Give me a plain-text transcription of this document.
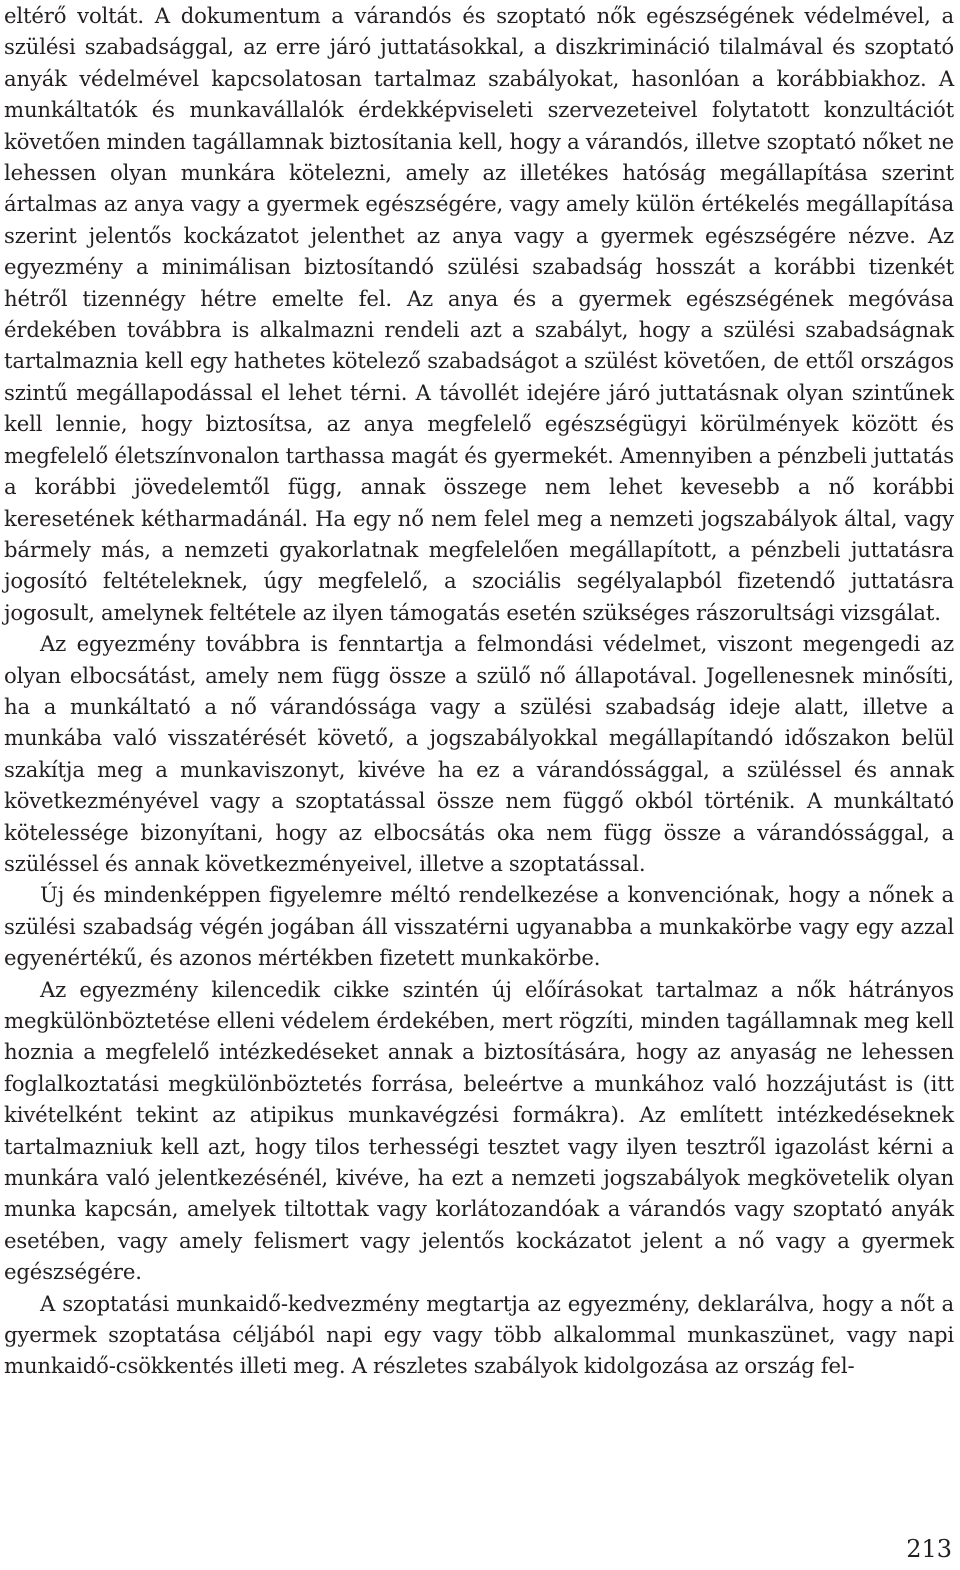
eltérő voltát. A dokumentum a várandós és szoptató nők egészségének védelmével, a szülési szabadsággal, az erre járó juttatásokkal, a diszkrimináció tilalmával és szoptató anyák védelmével kapcsolatosan tartalmaz szabályokat, hasonlóan a korábbiakhoz. A munkáltatók és munkavállalók érdekképviseleti szervezeteivel folytatott konzultációt követően minden tagállamnak biztosítania kell, hogy a várandós, illetve szoptató nőket ne lehessen olyan munkára kötelezni, amely az illetékes hatóság megállapítása szerint ártalmas az anya vagy a gyermek egészségére, vagy amely külön értékelés megállapítása szerint jelentős kockázatot jelenthet az anya vagy a gyermek egészségére nézve. Az egyezmény a minimálisan biztosítandó szülési szabadság hosszát a korábbi tizenkét hétről tizennégy hétre emelte fel. Az anya és a gyermek egészségének megóvása érdekében továbbra is alkalmazni rendeli azt a szabályt, hogy a szülési szabadságnak tartalmaznia kell egy hathetes kötelező szabadságot a szülést követően, de ettől országos szintű megállapodással el lehet térni. A távollét idejére járó juttatásnak olyan szintűnek kell lennie, hogy biztosítsa, az anya megfelelő egészségügyi körülmények között és megfelelő életszínvonalon tarthassa magát és gyermekét. Amennyiben a pénzbeli juttatás a korábbi jövedelemtől függ, annak összege nem lehet kevesebb a nő korábbi keresetének kétharmadánál. Ha egy nő nem felel meg a nemzeti jogszabályok által, vagy bármely más, a nemzeti gyakorlatnak megfelelően megállapított, a pénzbeli juttatásra jogosító feltételeknek, úgy megfelelő, a szociális segélyalapból fizetendő juttatásra jogosult, amelynek feltétele az ilyen támogatás esetén szükséges rászorultsági vizsgálat.

Az egyezmény továbbra is fenntartja a felmondási védelmet, viszont megengedi az olyan elbocsátást, amely nem függ össze a szülő nő állapotával. Jogellenesnek minősíti, ha a munkáltató a nő várandóssága vagy a szülési szabadság ideje alatt, illetve a munkába való visszatérését követő, a jogszabályokkal megállapítandó időszakon belül szakítja meg a munkaviszonyt, kivéve ha ez a várandóssággal, a szüléssel és annak következményével vagy a szoptatással össze nem függő okból történik. A munkáltató kötelessége bizonyítani, hogy az elbocsátás oka nem függ össze a várandóssággal, a szüléssel és annak következményeivel, illetve a szoptatással.

Új és mindenképpen figyelemre méltó rendelkezése a konvenciónak, hogy a nőnek a szülési szabadság végén jogában áll visszatérni ugyanabba a munkakörbe vagy egy azzal egyenértékű, és azonos mértékben fizetett munkakörbe.

Az egyezmény kilencedik cikke szintén új előírásokat tartalmaz a nők hátrányos megkülönböztetése elleni védelem érdekében, mert rögzíti, minden tagállamnak meg kell hoznia a megfelelő intézkedéseket annak a biztosítására, hogy az anyaság ne lehessen foglalkoztatási megkülönböztetés forrása, beleértve a munkához való hozzájutást is (itt kivételként tekint az atipikus munkavégzési formákra). Az említett intézkedéseknek tartalmazniuk kell azt, hogy tilos terhességi tesztet vagy ilyen tesztről igazolást kérni a munkára való jelentkezésénél, kivéve, ha ezt a nemzeti jogszabályok megkövetelik olyan munka kapcsán, amelyek tiltottak vagy korlátozandóak a várandós vagy szoptató anyák esetében, vagy amely felismert vagy jelentős kockázatot jelent a nő vagy a gyermek egészségére.

A szoptatási munkaidő-kedvezmény megtartja az egyezmény, deklarálva, hogy a nőt a gyermek szoptatása céljából napi egy vagy több alkalommal munkaszünet, vagy napi munkaidő-csökkentés illeti meg. A részletes szabályok kidolgozása az ország fel-

213
